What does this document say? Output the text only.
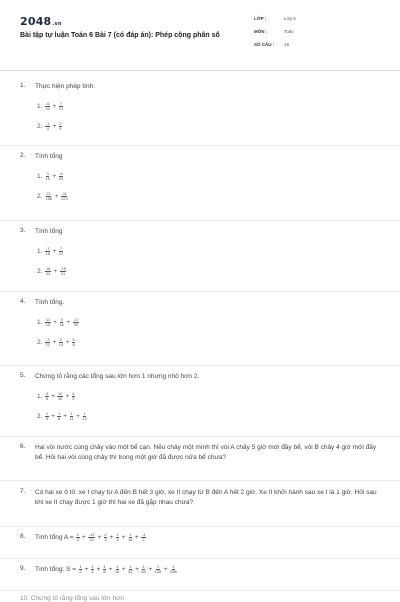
2048.vn
Bài tập tự luận Toán 6 Bài 7 (có đáp án): Phép cộng phân số
LỚP :	Lớp 6
MÔN :	Toán
SỐ CÂU :	19
1.	Thực hiện phép tính:
1. $\frac{-6}{42} + \frac{7}{21}$
2. $\frac{-1}{4} + \frac{2}{5}$
2.	Tính tổng
1. $\frac{3}{15} + \frac{-6}{29}$
2. $\frac{21}{186} + \frac{-11}{123}$
3.	Tính tổng
1. $\frac{-7}{18} + \frac{7}{12}$
2. $\frac{18}{24} + \frac{-15}{21}$
4.	Tính tổng.
1. $\frac{11}{15} + \frac{9}{16} + \frac{-17}{30}$
2. $\frac{-3}{21} + \frac{2}{14} + \frac{6}{8}$
5.	Chứng tỏ rằng các tổng sau lớn hơn 1 nhưng nhỏ hơn 2.
1. $\frac{3}{8} + \frac{10}{15} + \frac{6}{9}$
2. $\frac{1}{5} + \frac{1}{6} + \frac{1}{11} + \frac{1}{12}$
6.	Hai vòi nước cùng chảy vào một bể cạn. Nếu chảy một mình thì vòi A chảy 5 giờ mới đầy bể, vòi B chảy 4 giờ mới đầy bể. Hỏi hai vòi cùng chảy thì trong một giờ đã được nửa bể chưa?
7.	Có hai xe ô tô: xe I chạy từ A đến B hết 3 giờ, xe II chạy từ B đến A hết 2 giờ. Xe II khởi hành sau xe I là 1 giờ. Hỏi sau khi xe II chạy được 1 giờ thì hai xe đã gặp nhau chưa?
8.	Tính tổng $A = \frac{1}{3} + \frac{-12}{21} + \frac{2}{3} + \frac{1}{2} + \frac{1}{15} + \frac{-1}{2}$
9.	Tính tổng: $S = \frac{1}{2} + \frac{1}{4} + \frac{1}{8} + \frac{1}{16} + \frac{1}{32} + \frac{1}{64} + \frac{1}{128} + \frac{1}{256}$
10. Chứng tỏ rằng tổng sau lớn hơn
